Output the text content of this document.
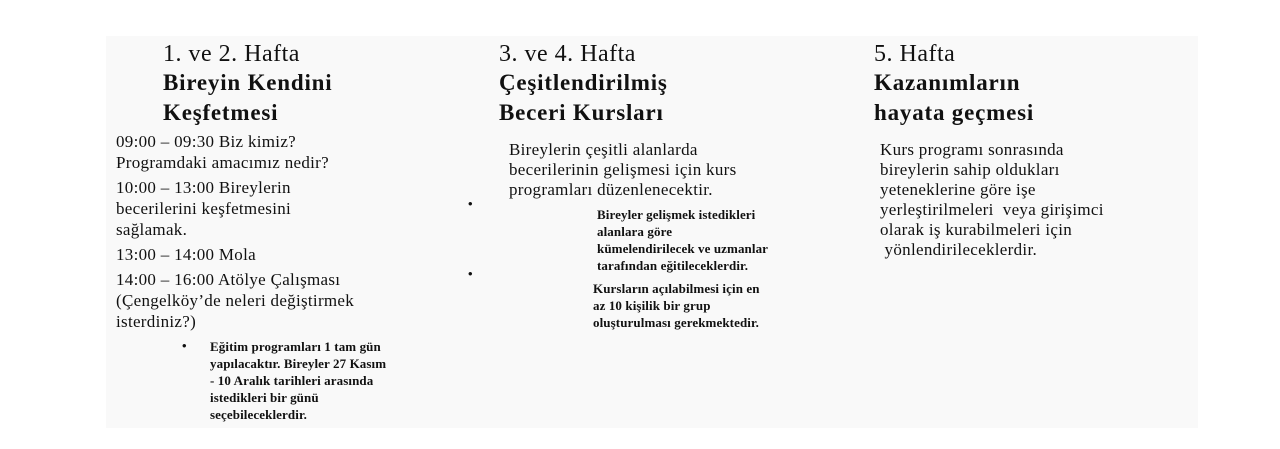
1. ve 2. Hafta
Bireyin Kendini
Keşfetmesi
09:00 – 09:30 Biz kimiz?
Programdaki amacımız nedir?
10:00 – 13:00 Bireylerin
becerilerini keşfetmesini
sağlamak.
13:00 – 14:00 Mola
14:00 – 16:00 Atölye Çalışması
(Çengelköy’de neleri değiştirmek
isterdiniz?)
• Eğitim programları 1 tam gün
yapılacaktır. Bireyler 27 Kasım
- 10 Aralık tarihleri arasında
istedikleri bir günü
seçebileceklerdir.
•
•
3. ve 4. Hafta
Çeşitlendirilmiş
Beceri Kursları
Bireylerin çeşitli alanlarda
becerilerinin gelişmesi için kurs
programları düzenlenecektir.
Bireyler gelişmek istedikleri
alanlara göre
kümelendirilecek ve uzmanlar
tarafından eğitileceklerdir.
Kursların açılabilmesi için en
az 10 kişilik bir grup
oluşturulması gerekmektedir.
5. Hafta
Kazanımların
hayata geçmesi
Kurs programı sonrasında
bireylerin sahip oldukları
yeteneklerine göre işe
yerleştirilmeleri  veya girişimci
olarak iş kurabilmeleri için
yönlendirileceklerdir.
